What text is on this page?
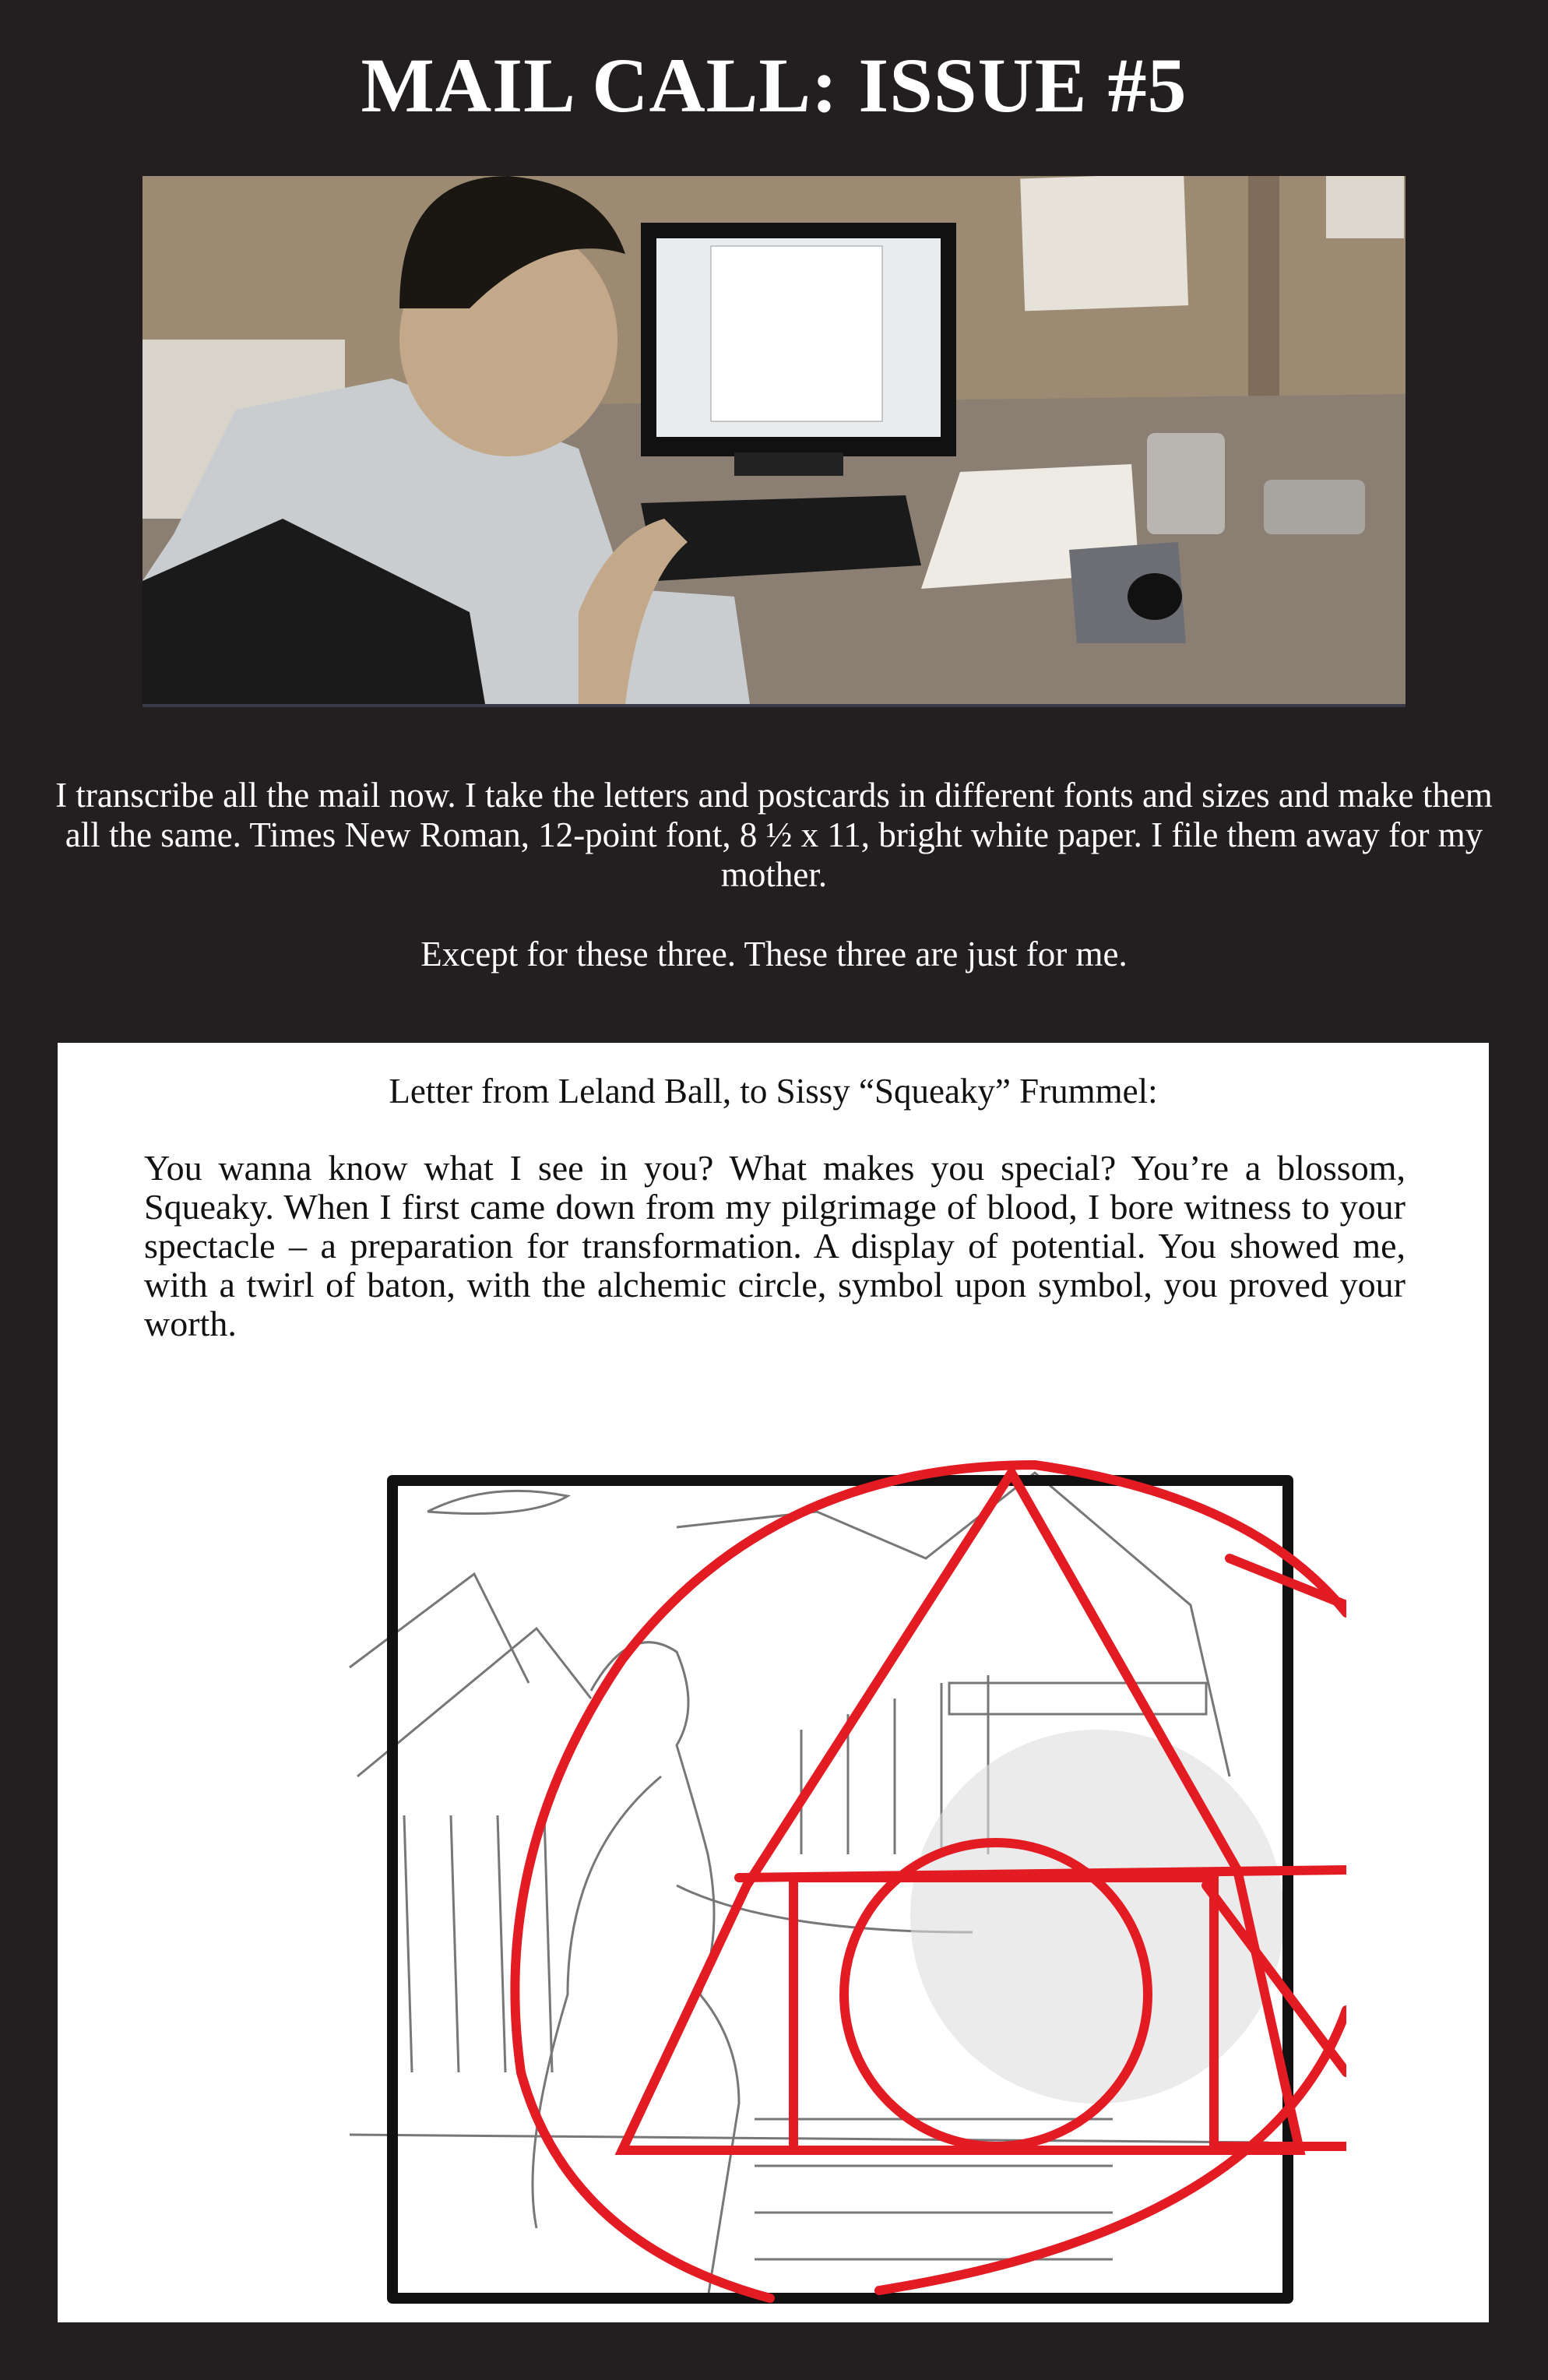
MAIL CALL: ISSUE #5

I transcribe all the mail now. I take the letters and postcards in different fonts and sizes and make them all the same. Times New Roman, 12-point font, 8 ½ x 11, bright white paper. I file them away for my mother.

Except for these three. These three are just for me.

Letter from Leland Ball, to Sissy “Squeaky” Frummel:
You wanna know what I see in you? What makes you special? You’re a blossom, Squeaky. When I first came down from my pilgrimage of blood, I bore witness to your spectacle – a preparation for transformation. A display of potential. You showed me, with a twirl of baton, with the alchemic circle, symbol upon symbol, you proved your worth.
